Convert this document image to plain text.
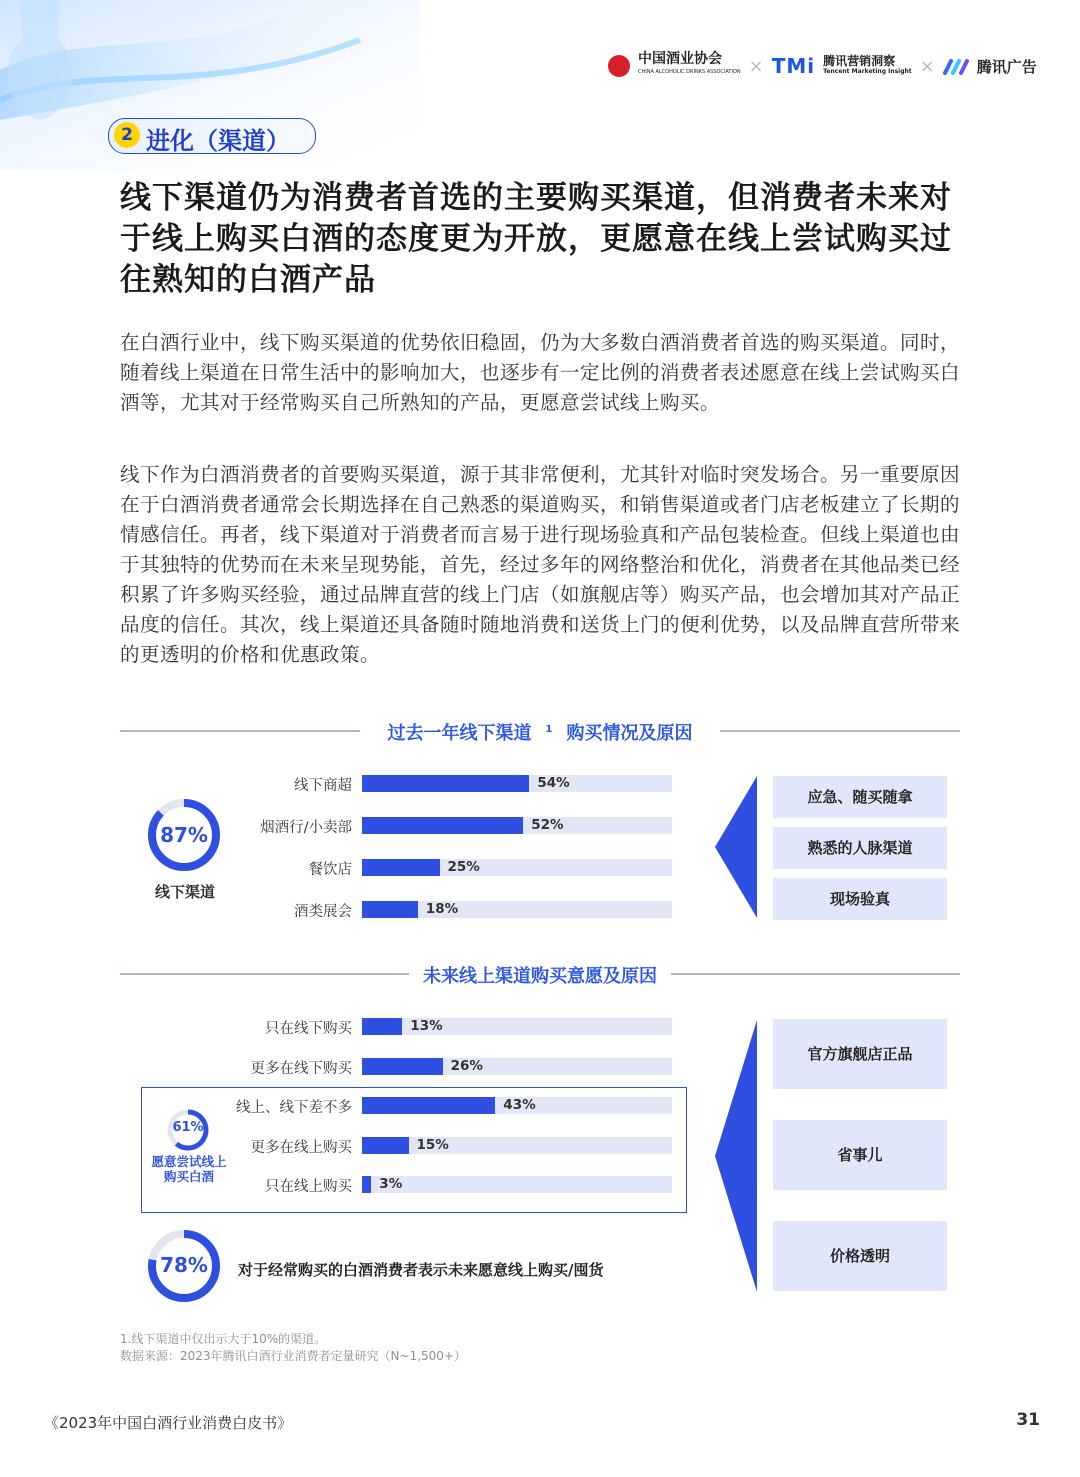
中国酒业协会
CHINA ALCOHOLIC DRINKS ASSOCIATION × TMi 腾讯营销洞察
Tencent Marketing Insight ×	腾讯广告
2 进化（渠道）
线下渠道仍为消费者首选的主要购买渠道，但消费者未来对于线上购买白酒的态度更为开放，更愿意在线上尝试购买过往熟知的白酒产品
在白酒行业中，线下购买渠道的优势依旧稳固，仍为大多数白酒消费者首选的购买渠道。同时，随着线上渠道在日常生活中的影响加大，也逐步有一定比例的消费者表述愿意在线上尝试购买白酒等，尤其对于经常购买自己所熟知的产品，更愿意尝试线上购买。
线下作为白酒消费者的首要购买渠道，源于其非常便利，尤其针对临时突发场合。另一重要原因在于白酒消费者通常会长期选择在自己熟悉的渠道购买，和销售渠道或者门店老板建立了长期的情感信任。再者，线下渠道对于消费者而言易于进行现场验真和产品包装检查。但线上渠道也由于其独特的优势而在未来呈现势能，首先，经过多年的网络整治和优化，消费者在其他品类已经积累了许多购买经验，通过品牌直营的线上门店（如旗舰店等）购买产品，也会增加其对产品正品度的信任。其次，线上渠道还具备随时随地消费和送货上门的便利优势，以及品牌直营所带来的更透明的价格和优惠政策。
过去一年线下渠道 $^1$ 购买情况及原因
87%
线下渠道
线下商超	54%
烟酒行/小卖部	52%
餐饮店	25%
酒类展会	18%
应急、随买随拿
熟悉的人脉渠道
现场验真
未来线上渠道购买意愿及原因
61%
愿意尝试线上购买白酒
只在线下购买	13%
更多在线下购买	26%
线上、线下差不多	43%
更多在线上购买	15%
只在线上购买 3%
78%	对于经常购买的白酒消费者表示未来愿意线上购买/囤货
官方旗舰店正品
省事儿
价格透明
1.线下渠道中仅出示大于10%的渠道。
数据来源：2023年腾讯白酒行业消费者定量研究（N~1,500+）
《2023年中国白酒行业消费白皮书》	31
